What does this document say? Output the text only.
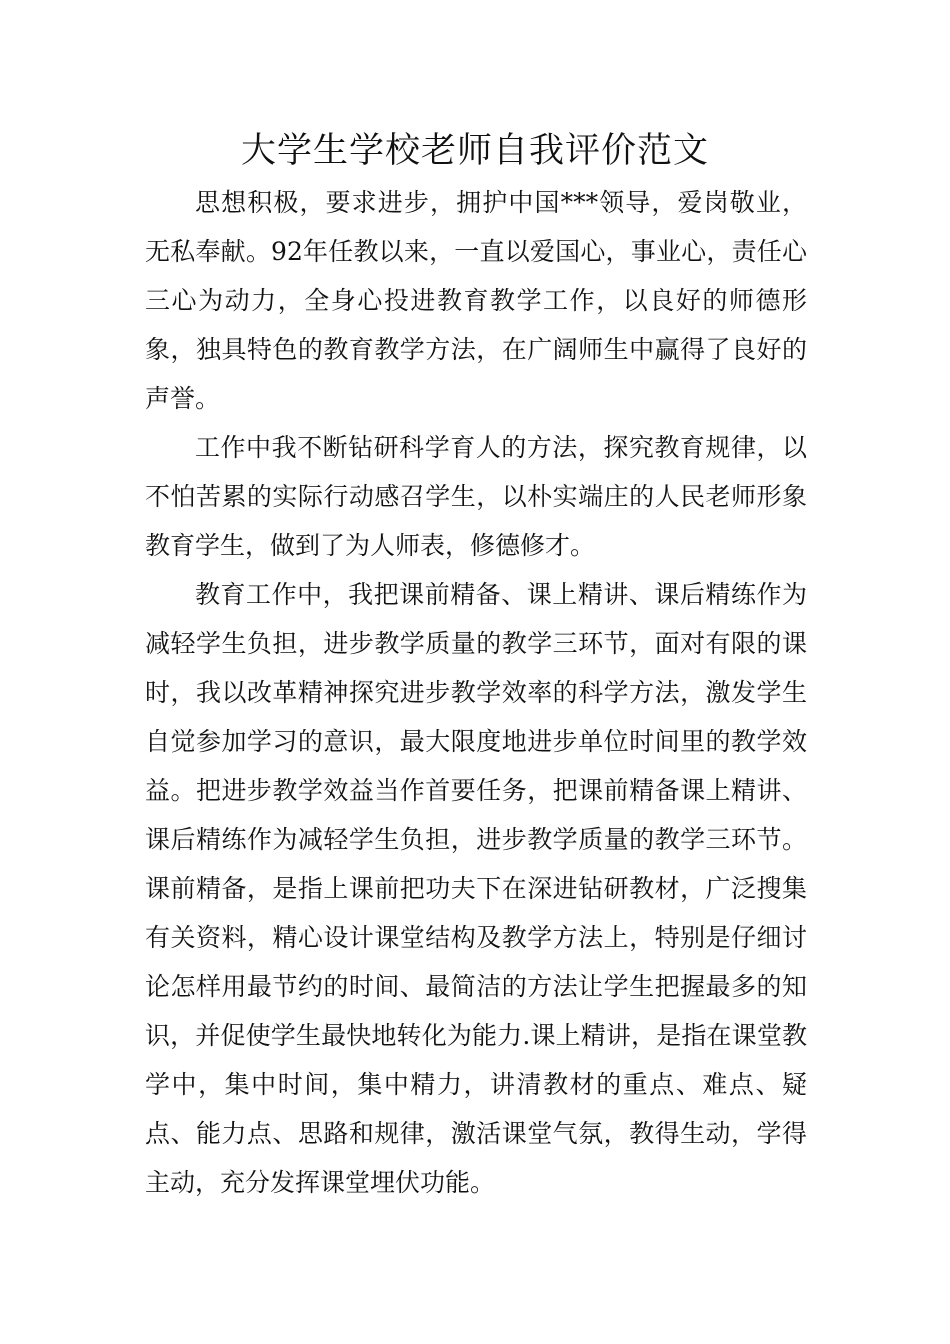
大学生学校老师自我评价范文

思想积极，要求进步，拥护中国***领导，爱岗敬业，无私奉献。92年任教以来，一直以爱国心，事业心，责任心三心为动力，全身心投进教育教学工作，以良好的师德形象，独具特色的教育教学方法，在广阔师生中赢得了良好的声誉。

工作中我不断钻研科学育人的方法，探究教育规律，以不怕苦累的实际行动感召学生，以朴实端庄的人民老师形象教育学生，做到了为人师表，修德修才。

教育工作中，我把课前精备、课上精讲、课后精练作为减轻学生负担，进步教学质量的教学三环节，面对有限的课时，我以改革精神探究进步教学效率的科学方法，激发学生自觉参加学习的意识，最大限度地进步单位时间里的教学效益。把进步教学效益当作首要任务，把课前精备课上精讲、课后精练作为减轻学生负担，进步教学质量的教学三环节。课前精备，是指上课前把功夫下在深进钻研教材，广泛搜集有关资料，精心设计课堂结构及教学方法上，特别是仔细讨论怎样用最节约的时间、最简洁的方法让学生把握最多的知识，并促使学生最快地转化为能力.课上精讲，是指在课堂教学中，集中时间，集中精力，讲清教材的重点、难点、疑点、能力点、思路和规律，激活课堂气氛，教得生动，学得主动，充分发挥课堂埋伏功能。
